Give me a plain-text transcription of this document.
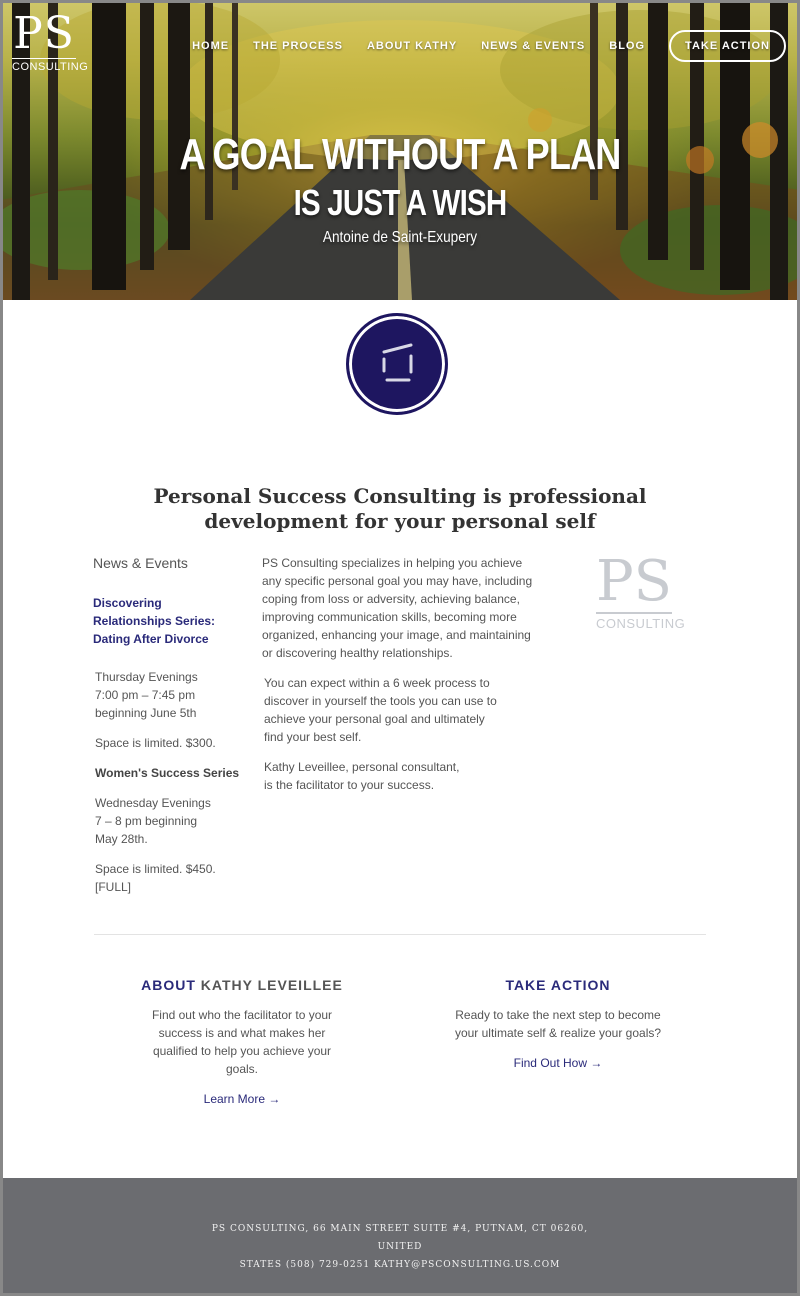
PS
CONSULTING
HOME THE PROCESS ABOUT KATHY NEWS & EVENTS BLOG	TAKE ACTION
A GOAL WITHOUT A PLAN
IS JUST A WISH
Antoine de Saint-Exupery
Personal Success Consulting is professional development for your personal self
News & Events
Discovering Relationships Series: Dating After Divorce

Thursday Evenings
7:00 pm – 7:45 pm
beginning June 5th

Space is limited. $300.

Women's Success Series

Wednesday Evenings
7 – 8 pm beginning
May 28th.

Space is limited. $450.
[FULL]

PS Consulting specializes in helping you achieve any specific personal goal you may have, including coping from loss or adversity, achieving balance, improving communication skills, becoming more organized, enhancing your image, and maintaining or discovering healthy relationships.

You can expect within a 6 week process to discover in yourself the tools you can use to achieve your personal goal and ultimately find your best self.

Kathy Leveillee, personal consultant, is the facilitator to your success.

PS
CONSULTING
ABOUT KATHY LEVEILLEE
Find out who the facilitator to your success is and what makes her qualified to help you achieve your goals.
Learn More →
TAKE ACTION
Ready to take the next step to become your ultimate self & realize your goals?
Find Out How →
PS CONSULTING, 66 MAIN STREET SUITE #4, PUTNAM, CT 06260, UNITED
STATES (508) 729-0251 KATHY@PSCONSULTING.US.COM
